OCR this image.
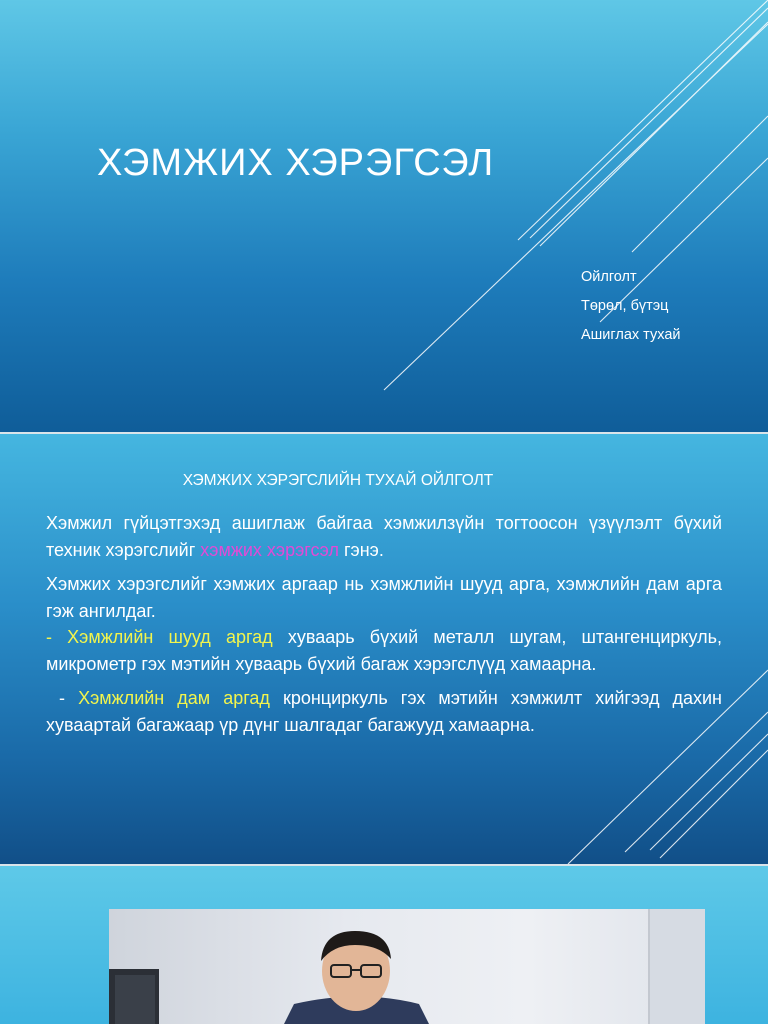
ХЭМЖИХ ХЭРЭГСЭЛ
Ойлголт
Төрөл, бүтэц
Ашиглах тухай
ХЭМЖИХ ХЭРЭГСЛИЙН ТУХАЙ ОЙЛГОЛТ

Хэмжил гүйцэтгэхэд ашиглаж байгаа хэмжилзүйн тогтоосон үзүүлэлт бүхий техник хэрэгслийг хэмжих хэрэгсэл гэнэ.

Хэмжих хэрэгслийг хэмжих аргаар нь хэмжлийн шууд арга, хэмжлийн дам арга гэж ангилдаг.
- Хэмжлийн шууд аргад хуваарь бүхий металл шугам, штангенциркуль, микрометр гэх мэтийн хуваарь бүхий багаж хэрэгслүүд хамаарна.

- Хэмжлийн дам аргад кронциркуль гэх мэтийн хэмжилт хийгээд дахин хуваартай багажаар үр дүнг шалгадаг багажууд хамаарна.
